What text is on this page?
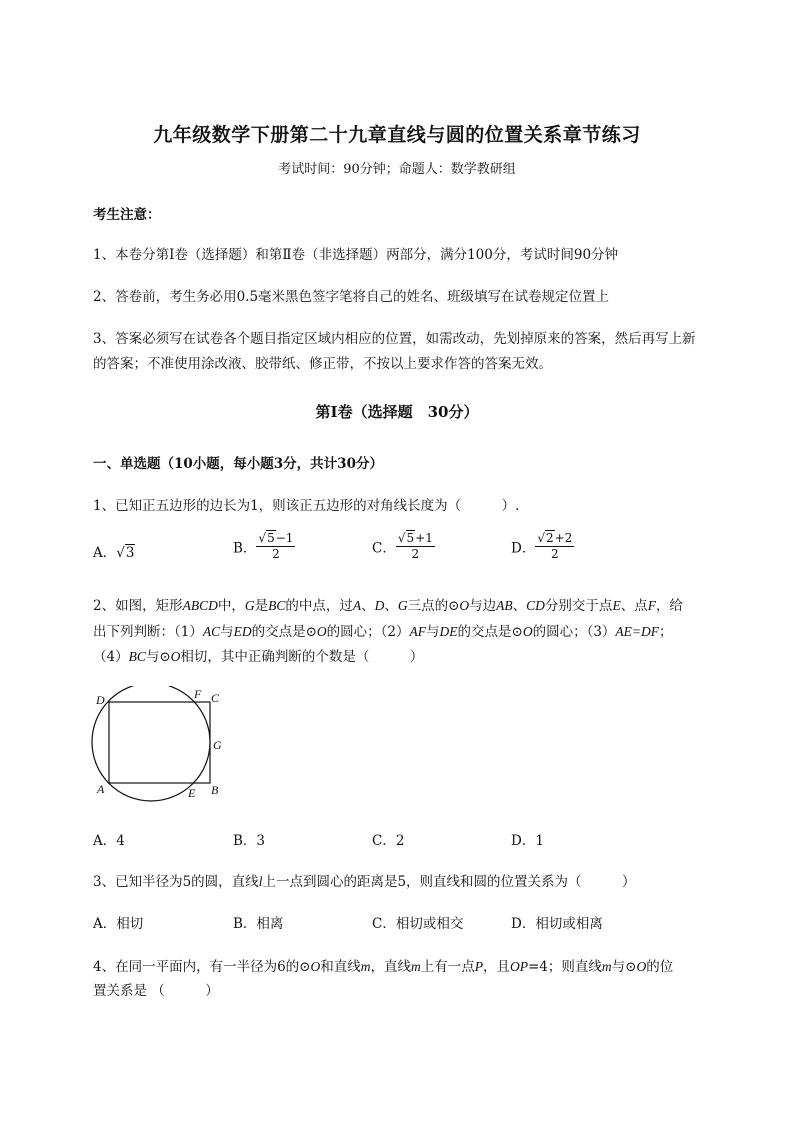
九年级数学下册第二十九章直线与圆的位置关系章节练习
考试时间：90分钟；命题人：数学教研组
考生注意：
1、本卷分第Ⅰ卷（选择题）和第Ⅱ卷（非选择题）两部分，满分100分，考试时间90分钟
2、答卷前，考生务必用0.5毫米黑色签字笔将自己的姓名、班级填写在试卷规定位置上
3、答案必须写在试卷各个题目指定区域内相应的位置，如需改动，先划掉原来的答案，然后再写上新
的答案；不准使用涂改液、胶带纸、修正带，不按以上要求作答的答案无效。
第Ⅰ卷（选择题　30分）
一、单选题（10小题，每小题3分，共计30分）
1、已知正五边形的边长为1，则该正五边形的对角线长度为（　　　）.
A．√3	B． $\frac{√5-1}{2}$	C． $\frac{√5+1}{2}$	D． $\frac{√2+2}{2}$
2、如图，矩形ABCD中，G是BC的中点，过A、D、G三点的⊙O与边AB、CD分别交于点E、点F，给
出下列判断：（1）AC与ED的交点是⊙O的圆心；（2）AF与DE的交点是⊙O的圆心；（3）AE=DF；
（4）BC与⊙O相切，其中正确判断的个数是（　　　）
D	F C
G
A	E B
A．4	B．3	C．2	D．1
3、已知半径为5的圆，直线l上一点到圆心的距离是5，则直线和圆的位置关系为（　　　）
A．相切	B．相离	C．相切或相交	D．相切或相离
4、在同一平面内，有一半径为6的⊙O和直线m，直线m上有一点P，且OP=4；则直线m与⊙O的位
置关系是 （　　　）
